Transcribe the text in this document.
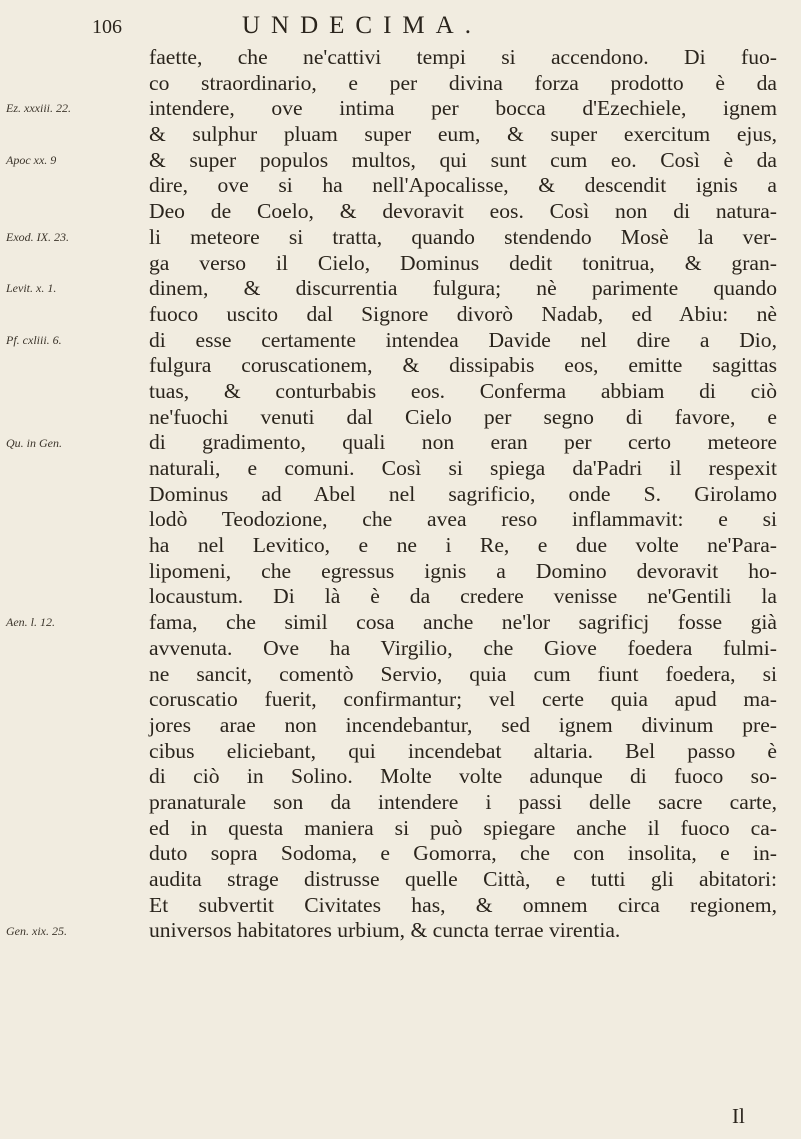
106	UNDECIMA.
Ez. xxxiii. 22.
Apoc xx. 9
Exod. IX. 23.
Levit. x. 1.
Pf. cxliii. 6.
Qu. in Gen.
Aen. l. 12.
Gen. xix. 25.
faette, che ne'cattivi tempi si accendono. Di fuo-
co straordinario, e per divina forza prodotto è da
intendere, ove intima per bocca d'Ezechiele, ignem
& sulphur pluam super eum, & super exercitum ejus,
& super populos multos, qui sunt cum eo. Così è da
dire, ove si ha nell'Apocalisse, & descendit ignis a
Deo de Coelo, & devoravit eos. Così non di natura-
li meteore si tratta, quando stendendo Mosè la ver-
ga verso il Cielo, Dominus dedit tonitrua, & gran-
dinem, & discurrentia fulgura; nè parimente quando
fuoco uscito dal Signore divorò Nadab, ed Abiu: nè
di esse certamente intendea Davide nel dire a Dio,
fulgura coruscationem, & dissipabis eos, emitte sagittas
tuas, & conturbabis eos. Conferma abbiam di ciò
ne'fuochi venuti dal Cielo per segno di favore, e
di gradimento, quali non eran per certo meteore
naturali, e comuni. Così si spiega da'Padri il respexit
Dominus ad Abel nel sagrificio, onde S. Girolamo
lodò Teodozione, che avea reso inflammavit: e si
ha nel Levitico, e ne i Re, e due volte ne'Para-
lipomeni, che egressus ignis a Domino devoravit ho-
locaustum. Di là è da credere venisse ne'Gentili la
fama, che simil cosa anche ne'lor sagrificj fosse già
avvenuta. Ove ha Virgilio, che Giove foedera fulmi-
ne sancit, comentò Servio, quia cum fiunt foedera, si
coruscatio fuerit, confirmantur; vel certe quia apud ma-
jores arae non incendebantur, sed ignem divinum pre-
cibus eliciebant, qui incendebat altaria. Bel passo è
di ciò in Solino. Molte volte adunque di fuoco so-
pranaturale son da intendere i passi delle sacre carte,
ed in questa maniera si può spiegare anche il fuoco ca-
duto sopra Sodoma, e Gomorra, che con insolita, e in-
audita strage distrusse quelle Città, e tutti gli abitatori:
Et subvertit Civitates has, & omnem circa regionem,
universos habitatores urbium, & cuncta terrae virentia.
Il
